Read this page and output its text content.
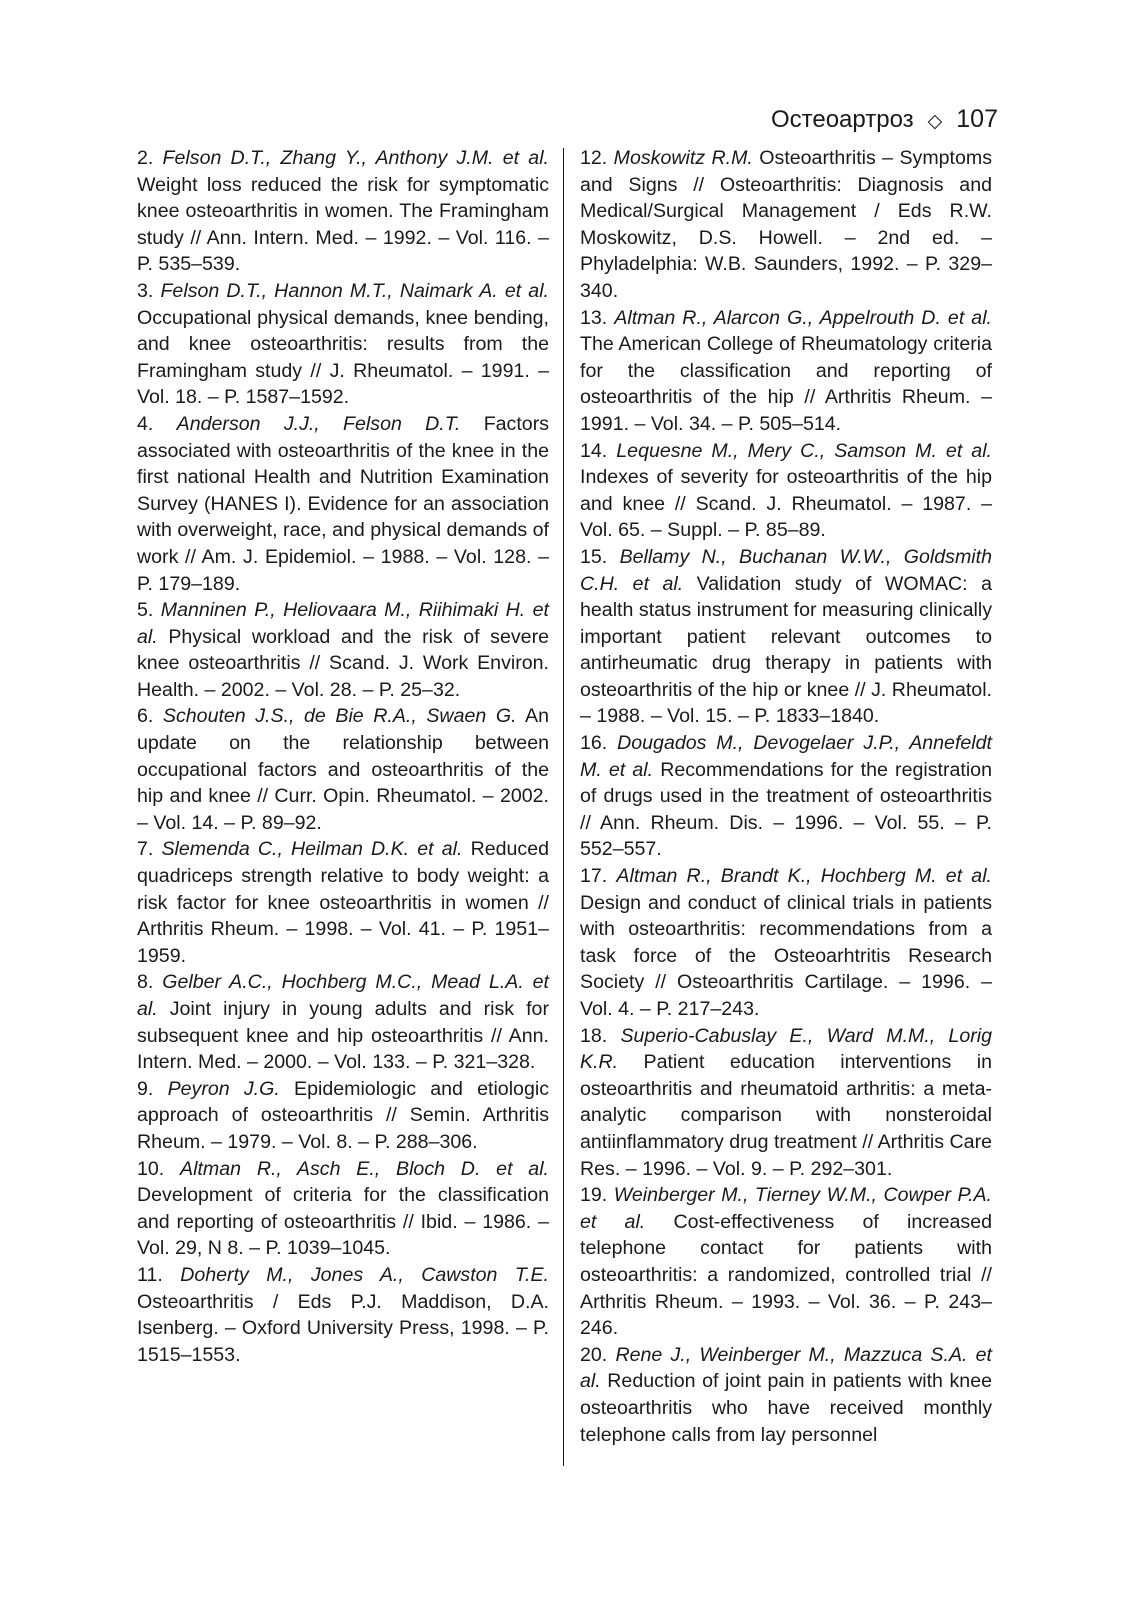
Остеоартроз ◇ 107

2. Felson D.T., Zhang Y., Anthony J.M. et al. Weight loss reduced the risk for symptomatic knee osteoarthritis in women. The Framingham study // Ann. Intern. Med. – 1992. – Vol. 116. – P. 535–539.

3. Felson D.T., Hannon M.T., Naimark A. et al. Occupational physical demands, knee bending, and knee osteoarthritis: results from the Framingham study // J. Rheumatol. – 1991. – Vol. 18. – P. 1587–1592.

4. Anderson J.J., Felson D.T. Factors associated with osteoarthritis of the knee in the first national Health and Nutrition Examination Survey (HANES I). Evidence for an association with overweight, race, and physical demands of work // Am. J. Epidemiol. – 1988. – Vol. 128. – P. 179–189.

5. Manninen P., Heliovaara M., Riihimaki H. et al. Physical workload and the risk of severe knee osteoarthritis // Scand. J. Work Environ. Health. – 2002. – Vol. 28. – P. 25–32.

6. Schouten J.S., de Bie R.A., Swaen G. An update on the relationship between occupational factors and osteoarthritis of the hip and knee // Curr. Opin. Rheumatol. – 2002. – Vol. 14. – P. 89–92.

7. Slemenda C., Heilman D.K. et al. Reduced quadriceps strength relative to body weight: a risk factor for knee osteoarthritis in women // Arthritis Rheum. – 1998. – Vol. 41. – P. 1951–1959.

8. Gelber A.C., Hochberg M.C., Mead L.A. et al. Joint injury in young adults and risk for subsequent knee and hip osteoarthritis // Ann. Intern. Med. – 2000. – Vol. 133. – P. 321–328.

9. Peyron J.G. Epidemiologic and etiologic approach of osteoarthritis // Semin. Arthritis Rheum. – 1979. – Vol. 8. – P. 288–306.

10. Altman R., Asch E., Bloch D. et al. Development of criteria for the classification and reporting of osteoarthritis // Ibid. – 1986. – Vol. 29, N 8. – P. 1039–1045.

11. Doherty M., Jones A., Cawston T.E. Osteoarthritis / Eds P.J. Maddison, D.A. Isenberg. – Oxford University Press, 1998. – P. 1515–1553.

12. Moskowitz R.M. Osteoarthritis – Symptoms and Signs // Osteoarthritis: Diagnosis and Medical/Surgical Management / Eds R.W. Moskowitz, D.S. Howell. – 2nd ed. – Phyladelphia: W.B. Saunders, 1992. – P. 329–340.

13. Altman R., Alarcon G., Appelrouth D. et al. The American College of Rheumatology criteria for the classification and reporting of osteoarthritis of the hip // Arthritis Rheum. – 1991. – Vol. 34. – P. 505–514.

14. Lequesne M., Mery C., Samson M. et al. Indexes of severity for osteoarthritis of the hip and knee // Scand. J. Rheumatol. – 1987. – Vol. 65. – Suppl. – P. 85–89.

15. Bellamy N., Buchanan W.W., Goldsmith C.H. et al. Validation study of WOMAC: a health status instrument for measuring clinically important patient relevant outcomes to antirheumatic drug therapy in patients with osteoarthritis of the hip or knee // J. Rheumatol. – 1988. – Vol. 15. – P. 1833–1840.

16. Dougados M., Devogelaer J.P., Annefeldt M. et al. Recommendations for the registration of drugs used in the treatment of osteoarthritis // Ann. Rheum. Dis. – 1996. – Vol. 55. – P. 552–557.

17. Altman R., Brandt K., Hochberg M. et al. Design and conduct of clinical trials in patients with osteoarthritis: recommendations from a task force of the Osteoarhtritis Research Society // Osteoarthritis Cartilage. – 1996. – Vol. 4. – P. 217–243.

18. Superio-Cabuslay E., Ward M.M., Lorig K.R. Patient education interventions in osteoarthritis and rheumatoid arthritis: a meta-analytic comparison with nonsteroidal antiinflammatory drug treatment // Arthritis Care Res. – 1996. – Vol. 9. – P. 292–301.

19. Weinberger M., Tierney W.M., Cowper P.A. et al. Cost-effectiveness of increased telephone contact for patients with osteoarthritis: a randomized, controlled trial // Arthritis Rheum. – 1993. – Vol. 36. – P. 243–246.

20. Rene J., Weinberger M., Mazzuca S.A. et al. Reduction of joint pain in patients with knee osteoarthritis who have received monthly telephone calls from lay personnel
